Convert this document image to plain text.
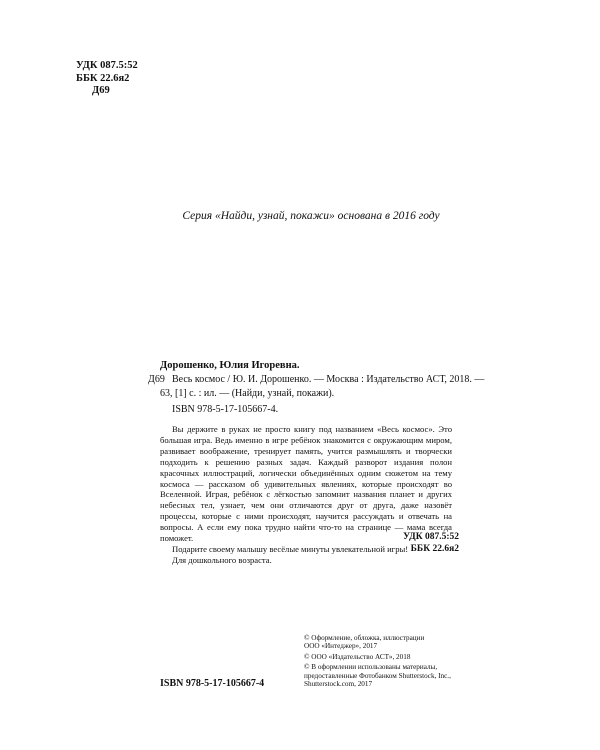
УДК 087.5:52
ББК 22.6я2
Д69
Серия «Найди, узнай, покажи» основана в 2016 году
Дорошенко, Юлия Игоревна.
Д69 Весь космос / Ю. И. Дорошенко. — Москва : Издательство АСТ, 2018. —
63, [1] с. : ил. — (Найди, узнай, покажи).
ISBN 978-5-17-105667-4.

Вы держите в руках не просто книгу под названием «Весь космос». Это большая игра. Ведь именно в игре ребёнок знакомится с окружающим миром, развивает воображение, тренирует память, учится размышлять и творчески подходить к решению разных задач. Каждый разворот издания полон красочных иллюстраций, логически объединённых одним сюжетом на тему космоса — рассказом об удивительных явлениях, которые происходят во Вселенной. Играя, ребёнок с лёгкостью запомнит названия планет и других небесных тел, узнает, чем они отличаются друг от друга, даже назовёт процессы, которые с ними происходят, научится рассуждать и отвечать на вопросы. А если ему пока трудно найти что-то на странице — мама всегда поможет.

Подарите своему малышу весёлые минуты увлекательной игры!

Для дошкольного возраста.

УДК 087.5:52
ББК 22.6я2
© Оформление, обложка, иллюстрации
ООО «Интеджер», 2017
© ООО «Издательство АСТ», 2018
© В оформлении использованы материалы,
предоставленные Фотобанком Shutterstock, Inc.,
Shutterstock.com, 2017
ISBN 978-5-17-105667-4
